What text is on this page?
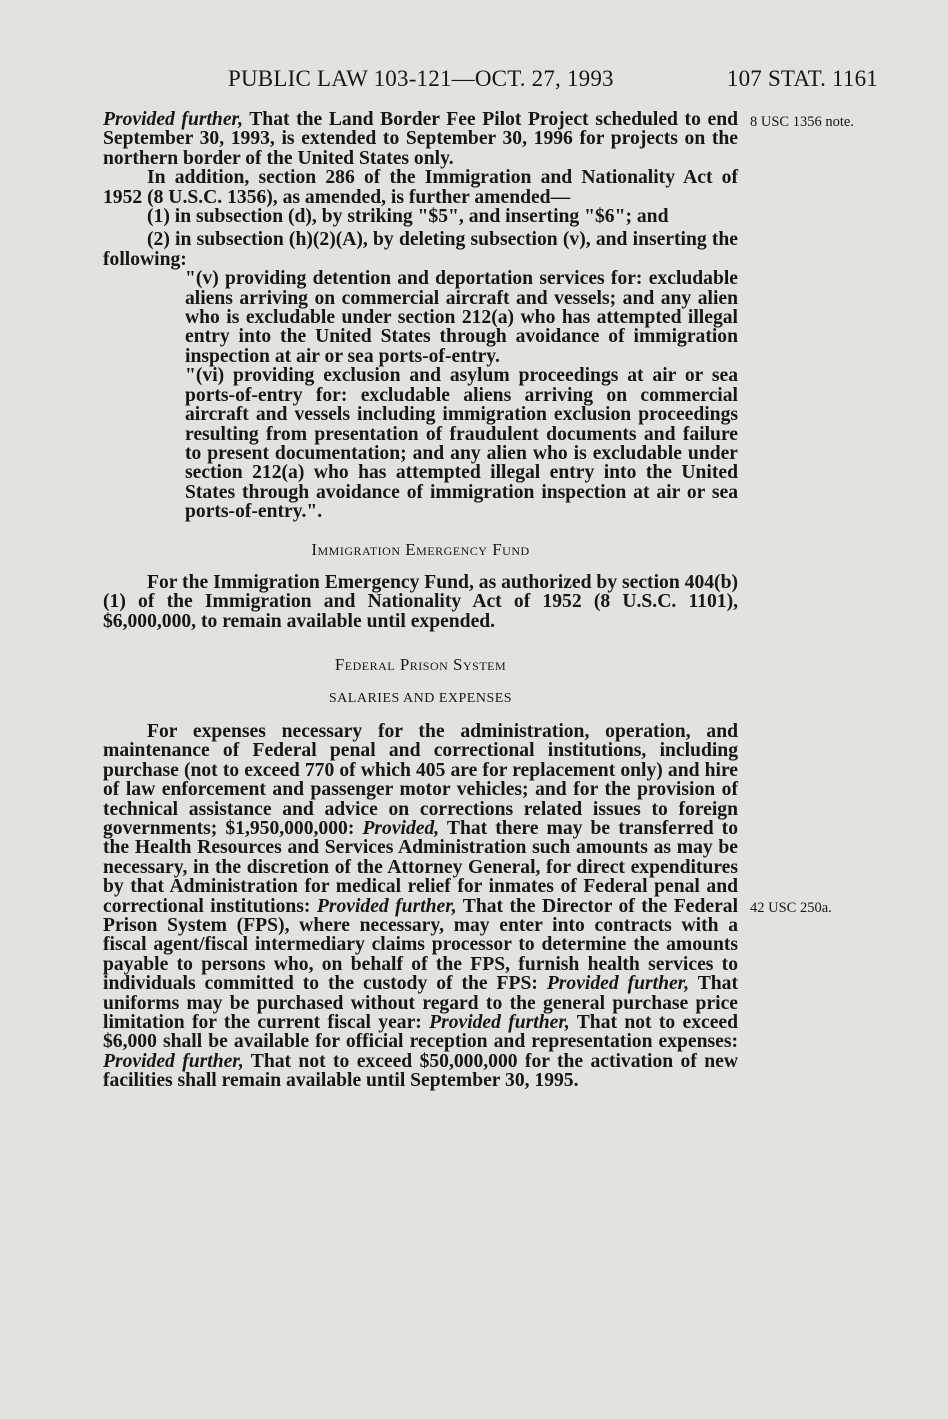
PUBLIC LAW 103-121—OCT. 27, 1993	107 STAT. 1161
8 USC 1356 note.
42 USC 250a.

Provided further, That the Land Border Fee Pilot Project scheduled to end September 30, 1993, is extended to September 30, 1996 for projects on the northern border of the United States only.

In addition, section 286 of the Immigration and Nationality Act of 1952 (8 U.S.C. 1356), as amended, is further amended—

(1) in subsection (d), by striking "$5", and inserting "$6"; and

(2) in subsection (h)(2)(A), by deleting subsection (v), and inserting the following:

"(v) providing detention and deportation services for: excludable aliens arriving on commercial aircraft and vessels; and any alien who is excludable under section 212(a) who has attempted illegal entry into the United States through avoidance of immigration inspection at air or sea ports-of-entry.

"(vi) providing exclusion and asylum proceedings at air or sea ports-of-entry for: excludable aliens arriving on commercial aircraft and vessels including immigration exclusion proceedings resulting from presentation of fraudulent documents and failure to present documentation; and any alien who is excludable under section 212(a) who has attempted illegal entry into the United States through avoidance of immigration inspection at air or sea ports-of-entry.".

Immigration Emergency Fund

For the Immigration Emergency Fund, as authorized by section 404(b)(1) of the Immigration and Nationality Act of 1952 (8 U.S.C. 1101), $6,000,000, to remain available until expended.

Federal Prison System
SALARIES AND EXPENSES

For expenses necessary for the administration, operation, and maintenance of Federal penal and correctional institutions, including purchase (not to exceed 770 of which 405 are for replacement only) and hire of law enforcement and passenger motor vehicles; and for the provision of technical assistance and advice on corrections related issues to foreign governments; $1,950,000,000: Provided, That there may be transferred to the Health Resources and Services Administration such amounts as may be necessary, in the discretion of the Attorney General, for direct expenditures by that Administration for medical relief for inmates of Federal penal and correctional institutions: Provided further, That the Director of the Federal Prison System (FPS), where necessary, may enter into contracts with a fiscal agent/fiscal intermediary claims processor to determine the amounts payable to persons who, on behalf of the FPS, furnish health services to individuals committed to the custody of the FPS: Provided further, That uniforms may be purchased without regard to the general purchase price limitation for the current fiscal year: Provided further, That not to exceed $6,000 shall be available for official reception and representation expenses: Provided further, That not to exceed $50,000,000 for the activation of new facilities shall remain available until September 30, 1995.
